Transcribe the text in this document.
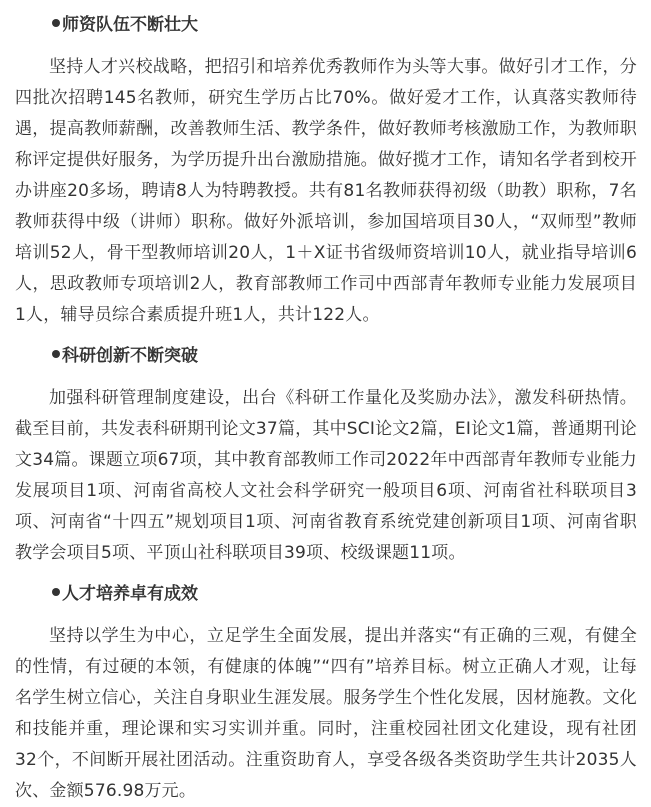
师资队伍不断壮大

坚持人才兴校战略，把招引和培养优秀教师作为头等大事。做好引才工作，分四批次招聘145名教师，研究生学历占比70%。做好爱才工作，认真落实教师待遇，提高教师薪酬，改善教师生活、教学条件，做好教师考核激励工作，为教师职称评定提供好服务，为学历提升出台激励措施。做好揽才工作，请知名学者到校开办讲座20多场，聘请8人为特聘教授。共有81名教师获得初级（助教）职称，7名教师获得中级（讲师）职称。做好外派培训，参加国培项目30人，“双师型”教师培训52人，骨干型教师培训20人，1＋X证书省级师资培训10人，就业指导培训6人，思政教师专项培训2人，教育部教师工作司中西部青年教师专业能力发展项目1人，辅导员综合素质提升班1人，共计122人。

科研创新不断突破

加强科研管理制度建设，出台《科研工作量化及奖励办法》，激发科研热情。截至目前，共发表科研期刊论文37篇，其中SCI论文2篇，EI论文1篇，普通期刊论文34篇。课题立项67项，其中教育部教师工作司2022年中西部青年教师专业能力发展项目1项、河南省高校人文社会科学研究一般项目6项、河南省社科联项目3项、河南省“十四五”规划项目1项、河南省教育系统党建创新项目1项、河南省职教学会项目5项、平顶山社科联项目39项、校级课题11项。

人才培养卓有成效

坚持以学生为中心，立足学生全面发展，提出并落实“有正确的三观，有健全的性情，有过硬的本领，有健康的体魄”“四有”培养目标。树立正确人才观，让每名学生树立信心，关注自身职业生涯发展。服务学生个性化发展，因材施教。文化和技能并重，理论课和实习实训并重。同时，注重校园社团文化建设，现有社团32个，不间断开展社团活动。注重资助育人，享受各级各类资助学生共计2035人次、金额576.98万元。
